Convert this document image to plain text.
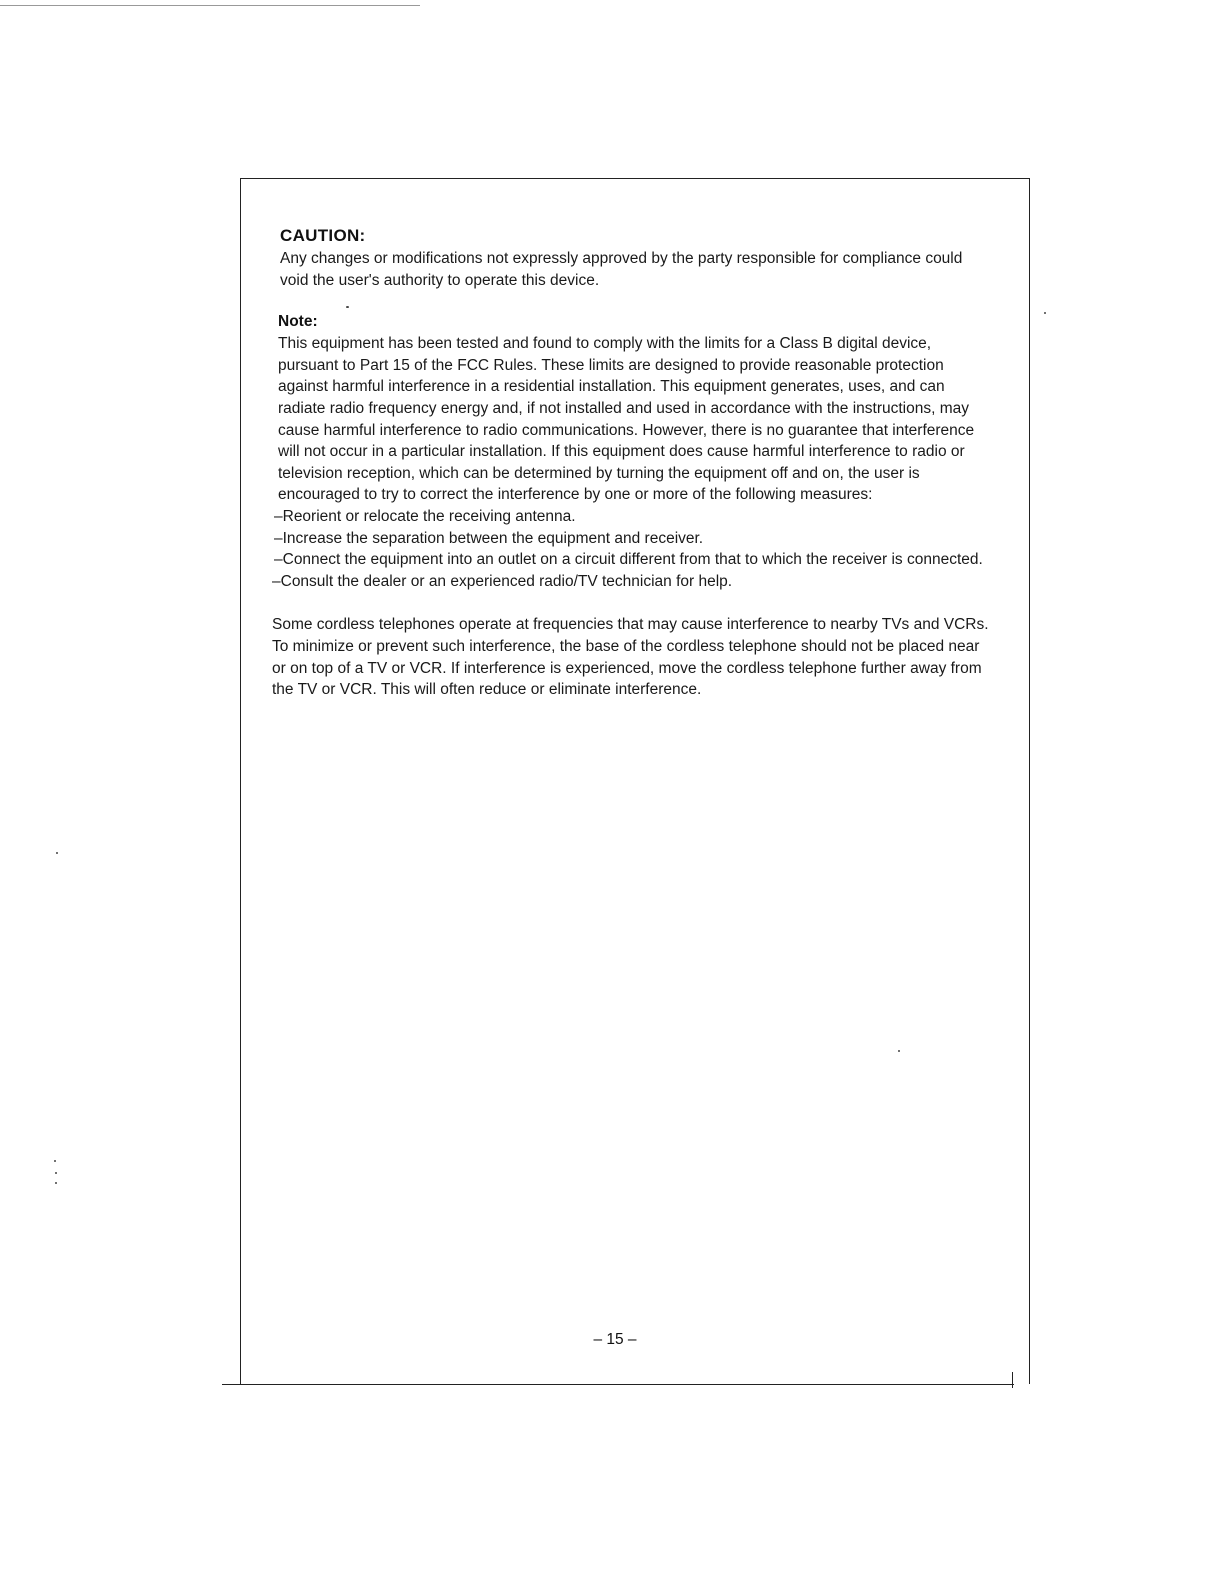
CAUTION:

Any changes or modifications not expressly approved by the party responsible for compliance could void the user's authority to operate this device.

Note:

This equipment has been tested and found to comply with the limits for a Class B digital device, pursuant to Part 15 of the FCC Rules. These limits are designed to provide reasonable protection against harmful interference in a residential installation. This equipment generates, uses, and can radiate radio frequency energy and, if not installed and used in accordance with the instructions, may cause harmful interference to radio communications. However, there is no guarantee that interference will not occur in a particular installation. If this equipment does cause harmful interference to radio or television reception, which can be determined by turning the equipment off and on, the user is encouraged to try to correct the interference by one or more of the following measures:

–Reorient or relocate the receiving antenna.
–Increase the separation between the equipment and receiver.
–Connect the equipment into an outlet on a circuit different from that to which the receiver is connected.
–Consult the dealer or an experienced radio/TV technician for help.

Some cordless telephones operate at frequencies that may cause interference to nearby TVs and VCRs. To minimize or prevent such interference, the base of the cordless telephone should not be placed near or on top of a TV or VCR. If interference is experienced, move the cordless telephone further away from the TV or VCR. This will often reduce or eliminate interference.

– 15 –
